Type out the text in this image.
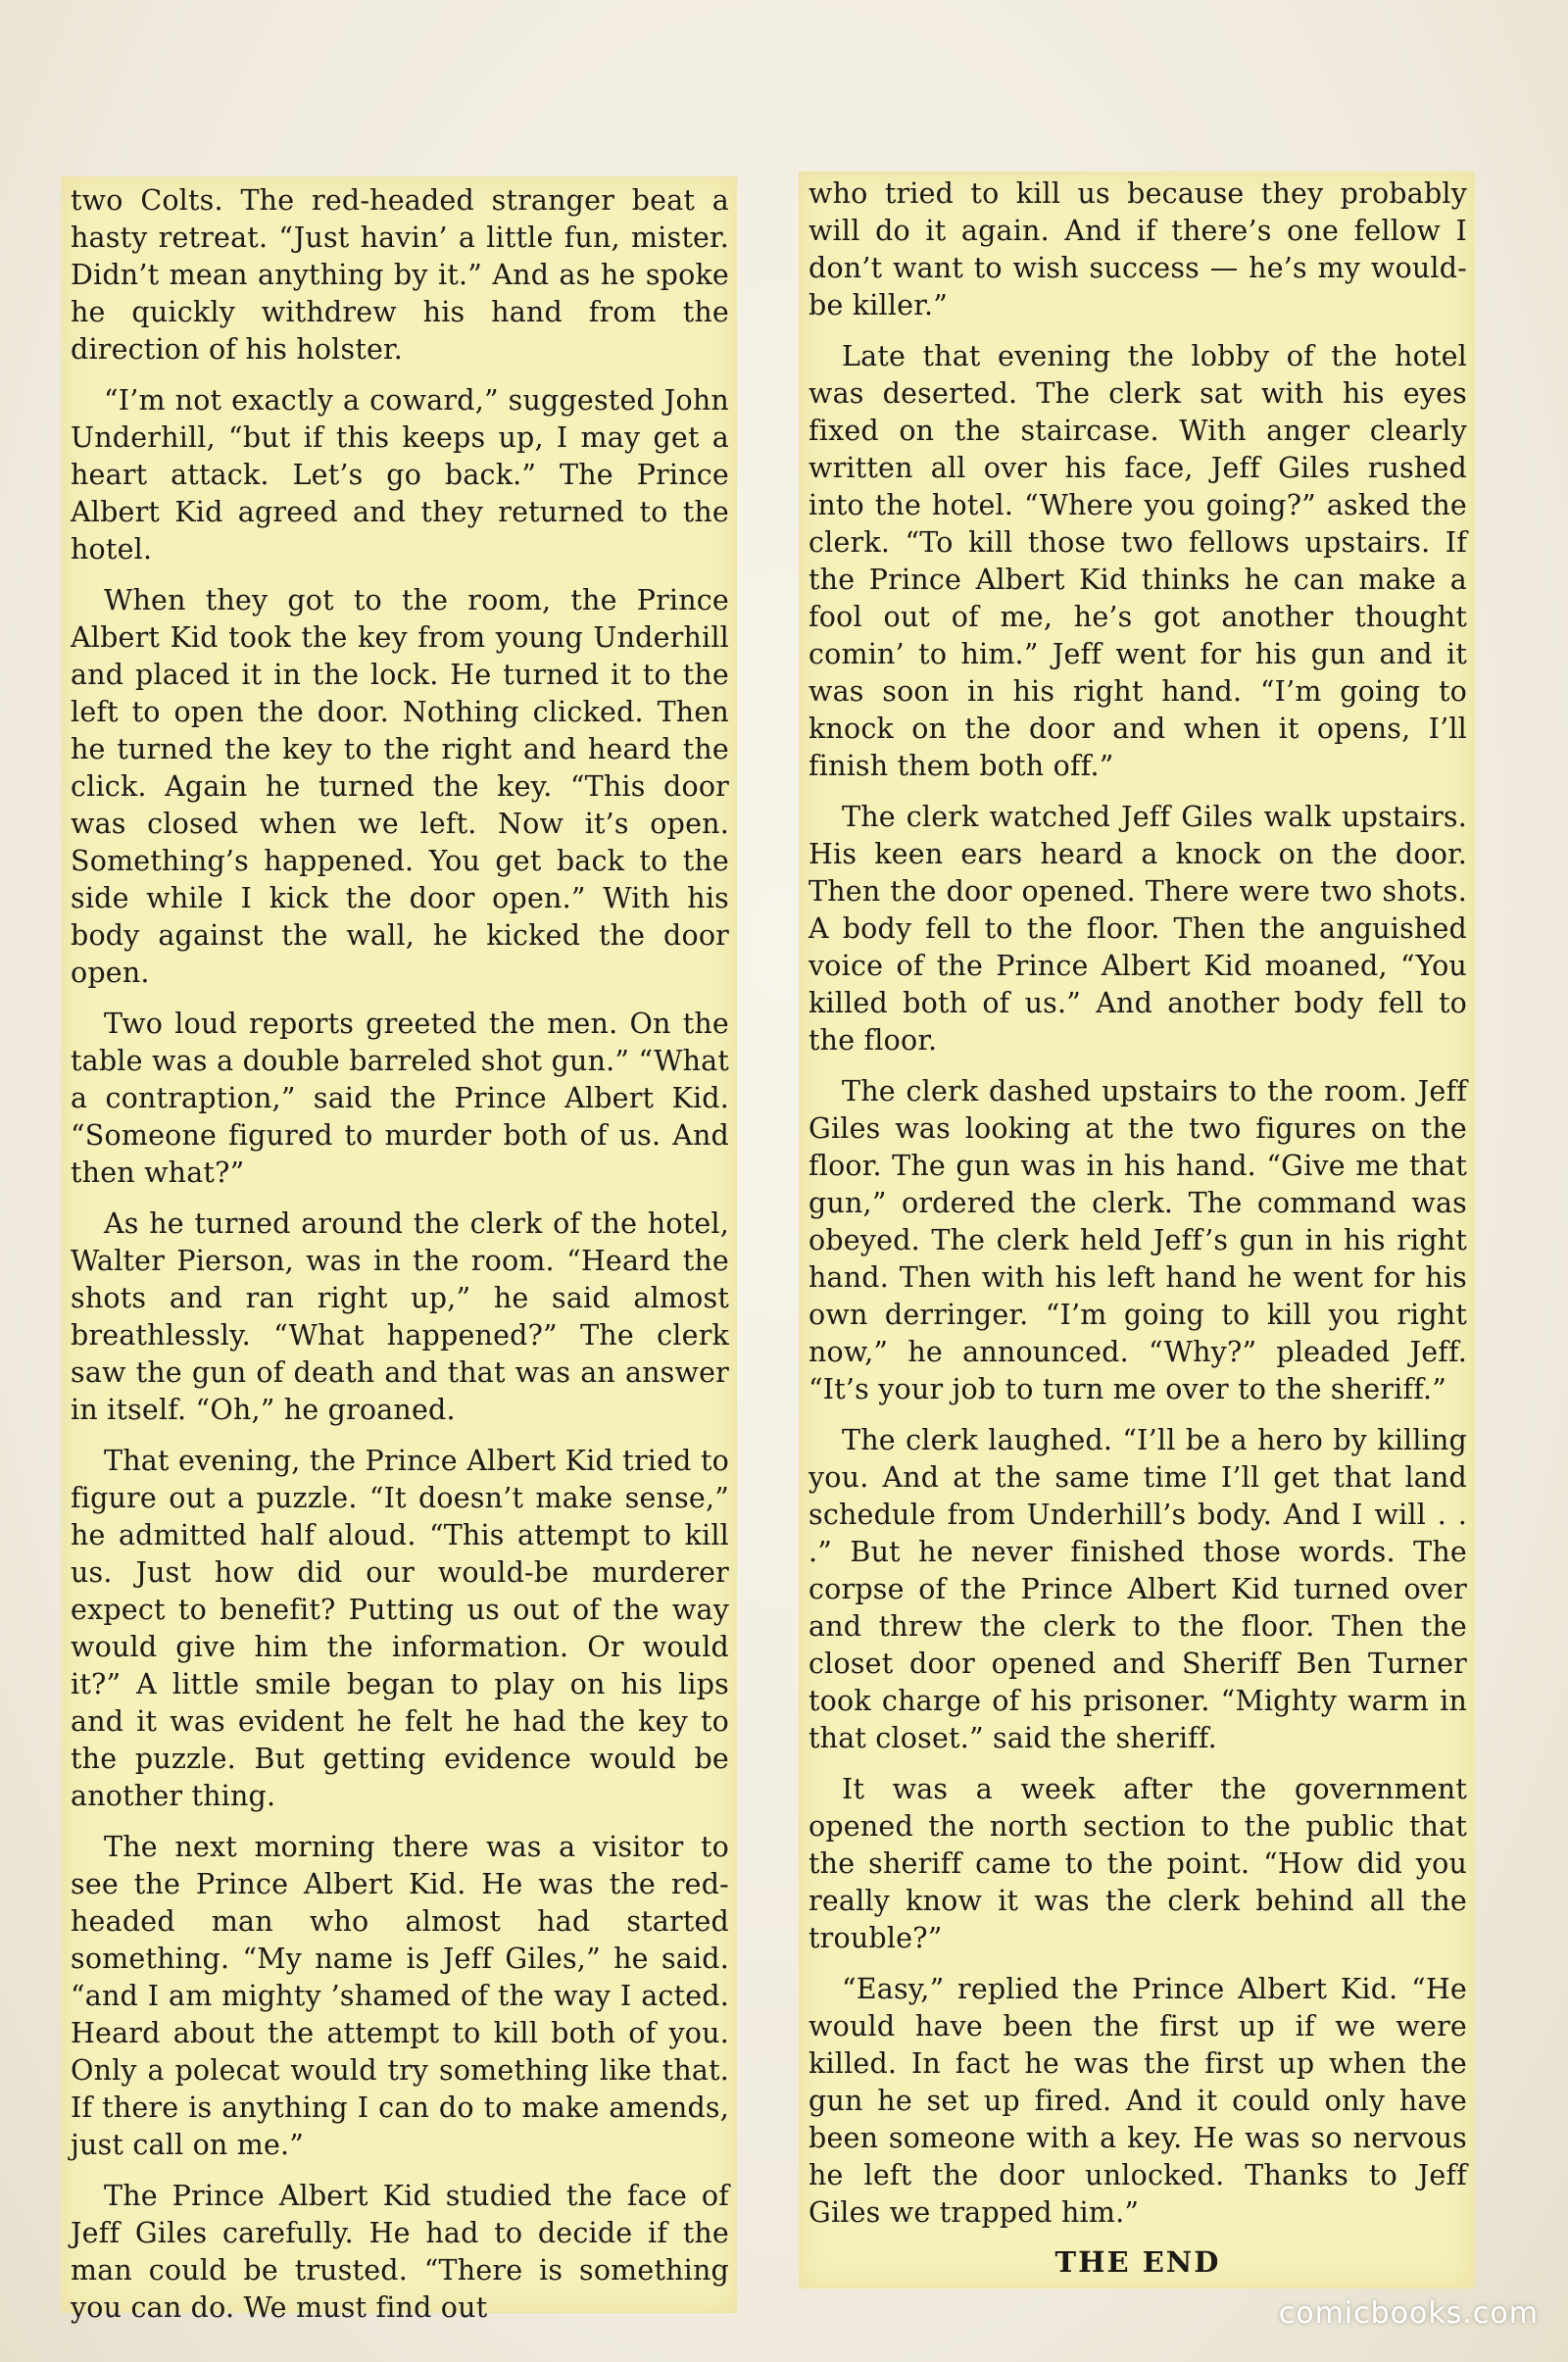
two Colts. The red-headed stranger beat a hasty retreat. “Just havin’ a little fun, mister. Didn’t mean anything by it.” And as he spoke he quickly withdrew his hand from the direction of his holster.

“I’m not exactly a coward,” suggested John Underhill, “but if this keeps up, I may get a heart attack. Let’s go back.” The Prince Albert Kid agreed and they returned to the hotel.

When they got to the room, the Prince Albert Kid took the key from young Underhill and placed it in the lock. He turned it to the left to open the door. Nothing clicked. Then he turned the key to the right and heard the click. Again he turned the key. “This door was closed when we left. Now it’s open. Something’s happened. You get back to the side while I kick the door open.” With his body against the wall, he kicked the door open.

Two loud reports greeted the men. On the table was a double barreled shot gun.” “What a contraption,” said the Prince Albert Kid. “Someone figured to murder both of us. And then what?”

As he turned around the clerk of the hotel, Walter Pierson, was in the room. “Heard the shots and ran right up,” he said almost breathlessly. “What happened?” The clerk saw the gun of death and that was an answer in itself. “Oh,” he groaned.

That evening, the Prince Albert Kid tried to figure out a puzzle. “It doesn’t make sense,” he admitted half aloud. “This attempt to kill us. Just how did our would-be murderer expect to benefit? Putting us out of the way would give him the information. Or would it?” A little smile began to play on his lips and it was evident he felt he had the key to the puzzle. But getting evidence would be another thing.

The next morning there was a visitor to see the Prince Albert Kid. He was the red-headed man who almost had started something. “My name is Jeff Giles,” he said. “and I am mighty ’shamed of the way I acted. Heard about the attempt to kill both of you. Only a polecat would try something like that. If there is anything I can do to make amends, just call on me.”

The Prince Albert Kid studied the face of Jeff Giles carefully. He had to decide if the man could be trusted. “There is something you can do. We must find out

who tried to kill us because they probably will do it again. And if there’s one fellow I don’t want to wish success — he’s my would-be killer.”

Late that evening the lobby of the hotel was deserted. The clerk sat with his eyes fixed on the staircase. With anger clearly written all over his face, Jeff Giles rushed into the hotel. “Where you going?” asked the clerk. “To kill those two fellows upstairs. If the Prince Albert Kid thinks he can make a fool out of me, he’s got another thought comin’ to him.” Jeff went for his gun and it was soon in his right hand. “I’m going to knock on the door and when it opens, I’ll finish them both off.”

The clerk watched Jeff Giles walk upstairs. His keen ears heard a knock on the door. Then the door opened. There were two shots. A body fell to the floor. Then the anguished voice of the Prince Albert Kid moaned, “You killed both of us.” And another body fell to the floor.

The clerk dashed upstairs to the room. Jeff Giles was looking at the two figures on the floor. The gun was in his hand. “Give me that gun,” ordered the clerk. The command was obeyed. The clerk held Jeff’s gun in his right hand. Then with his left hand he went for his own derringer. “I’m going to kill you right now,” he announced. “Why?” pleaded Jeff. “It’s your job to turn me over to the sheriff.”

The clerk laughed. “I’ll be a hero by killing you. And at the same time I’ll get that land schedule from Underhill’s body. And I will . . .” But he never finished those words. The corpse of the Prince Albert Kid turned over and threw the clerk to the floor. Then the closet door opened and Sheriff Ben Turner took charge of his prisoner. “Mighty warm in that closet.” said the sheriff.

It was a week after the government opened the north section to the public that the sheriff came to the point. “How did you really know it was the clerk behind all the trouble?”

“Easy,” replied the Prince Albert Kid. “He would have been the first up if we were killed. In fact he was the first up when the gun he set up fired. And it could only have been someone with a key. He was so nervous he left the door unlocked. Thanks to Jeff Giles we trapped him.”

THE END
comicbooks.com
